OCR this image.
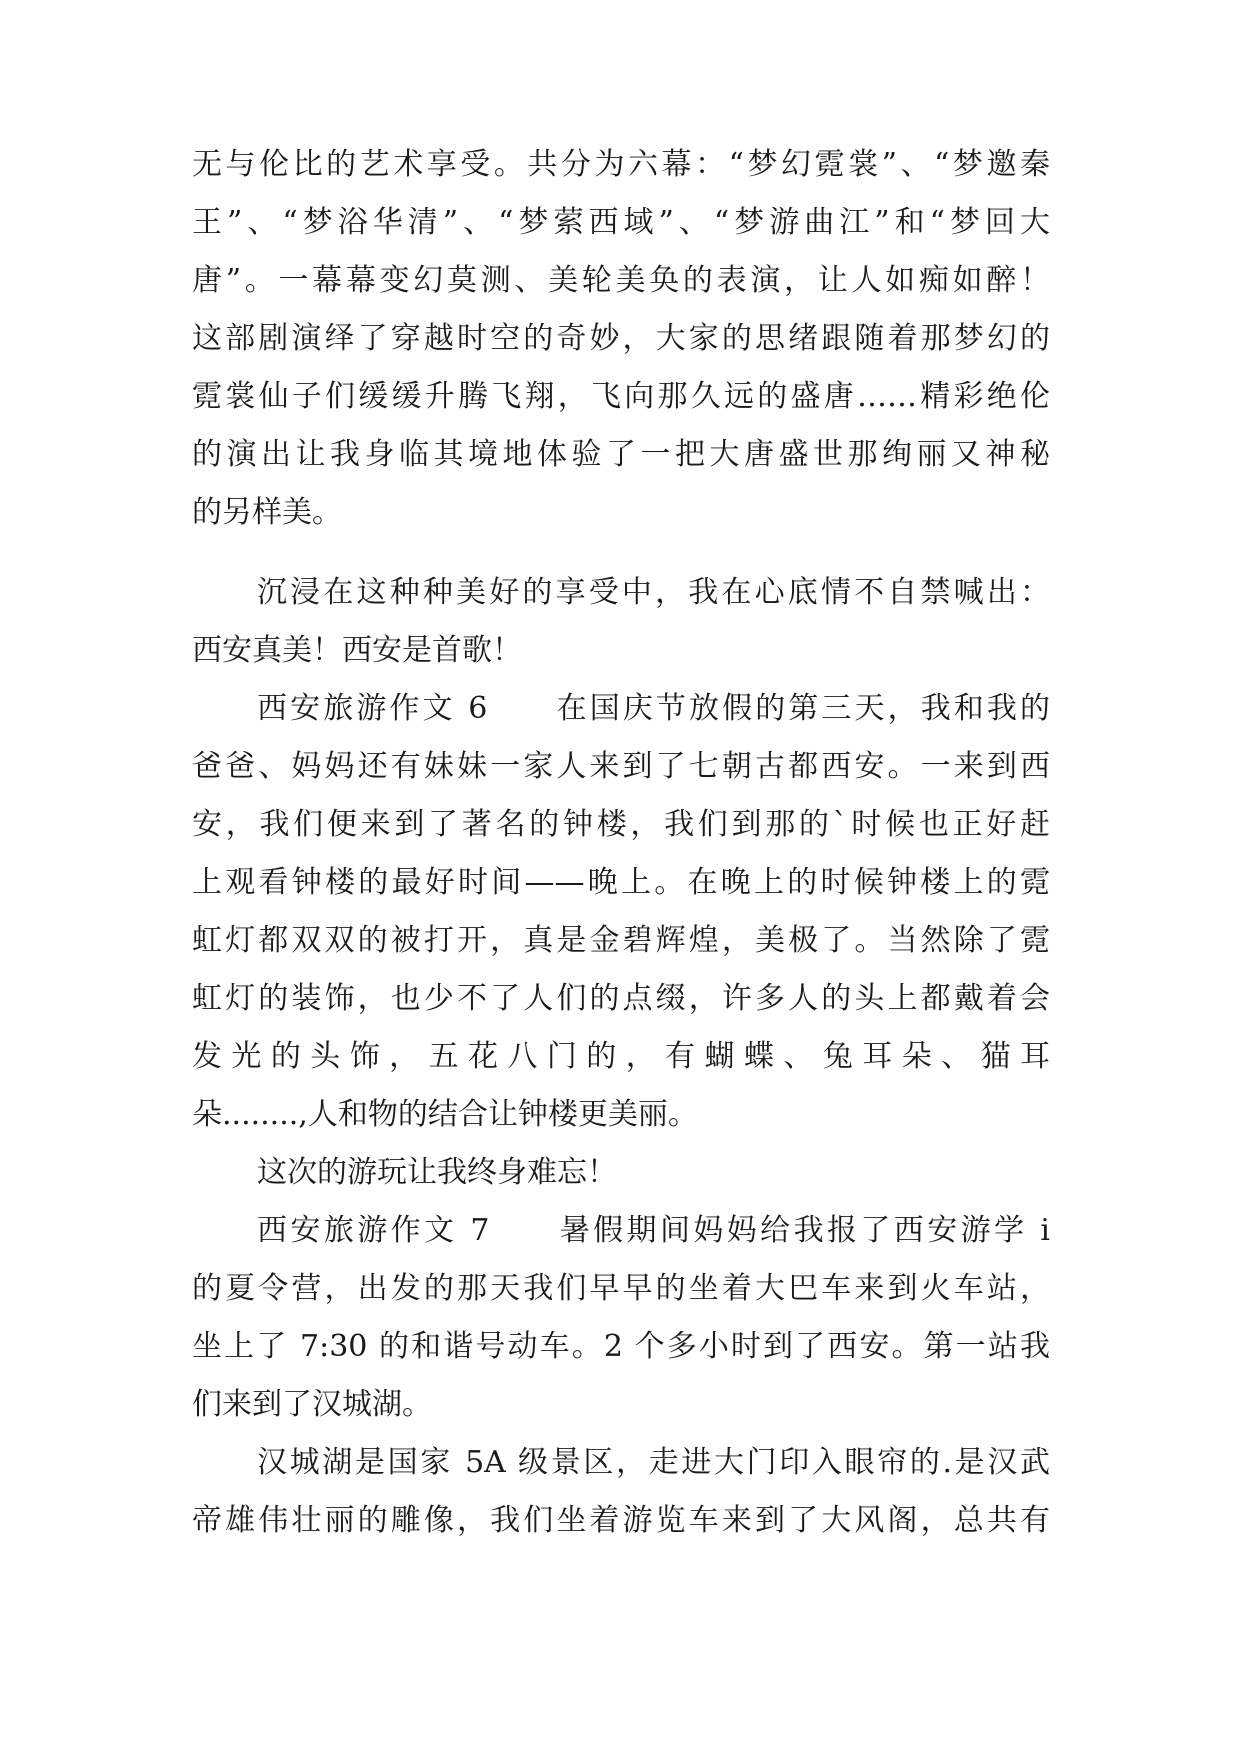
无与伦比的艺术享受。共分为六幕：“梦幻霓裳”、“梦邀秦
王”、“梦浴华清”、“梦萦西域”、“梦游曲江”和“梦回大
唐”。一幕幕变幻莫测、美轮美奂的表演，让人如痴如醉！
这部剧演绎了穿越时空的奇妙，大家的思绪跟随着那梦幻的
霓裳仙子们缓缓升腾飞翔，飞向那久远的盛唐……精彩绝伦
的演出让我身临其境地体验了一把大唐盛世那绚丽又神秘
的另样美。
沉浸在这种种美好的享受中，我在心底情不自禁喊出：
西安真美！西安是首歌！
西安旅游作文 6　　在国庆节放假的第三天，我和我的
爸爸、妈妈还有妹妹一家人来到了七朝古都西安。一来到西
安，我们便来到了著名的钟楼，我们到那的`时候也正好赶
上观看钟楼的最好时间——晚上。在晚上的时候钟楼上的霓
虹灯都双双的被打开，真是金碧辉煌，美极了。当然除了霓
虹灯的装饰，也少不了人们的点缀，许多人的头上都戴着会
发光的头饰，五花八门的，有蝴蝶、兔耳朵、猫耳
朵........,人和物的结合让钟楼更美丽。
这次的游玩让我终身难忘！
西安旅游作文 7　　暑假期间妈妈给我报了西安游学 i
的夏令营，出发的那天我们早早的坐着大巴车来到火车站，
坐上了 7:30 的和谐号动车。2 个多小时到了西安。第一站我
们来到了汉城湖。
汉城湖是国家 5A 级景区，走进大门印入眼帘的.是汉武
帝雄伟壮丽的雕像，我们坐着游览车来到了大风阁，总共有
